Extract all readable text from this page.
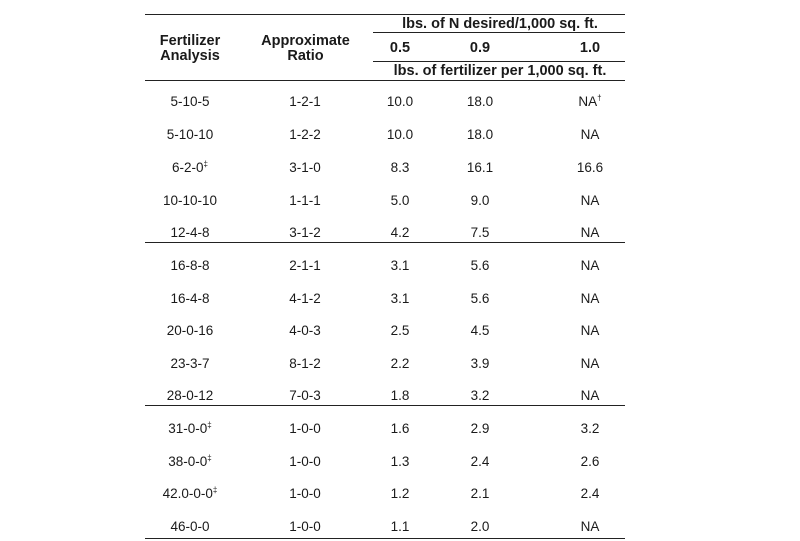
Fertilizer
Analysis
Approximate
Ratio
lbs. of N desired/1,000 sq. ft.
0.5	0.9	1.0
lbs. of fertilizer per 1,000 sq. ft.
5-10-5	1-2-1	10.0	18.0	NA†
5-10-10	1-2-2	10.0	18.0	NA
6-2-0‡	3-1-0	8.3	16.1	16.6
10-10-10	1-1-1	5.0	9.0	NA
12-4-8	3-1-2	4.2	7.5	NA
16-8-8	2-1-1	3.1	5.6	NA
16-4-8	4-1-2	3.1	5.6	NA
20-0-16	4-0-3	2.5	4.5	NA
23-3-7	8-1-2	2.2	3.9	NA
28-0-12	7-0-3	1.8	3.2	NA
31-0-0‡	1-0-0	1.6	2.9	3.2
38-0-0‡	1-0-0	1.3	2.4	2.6
42.0-0-0‡	1-0-0	1.2	2.1	2.4
46-0-0	1-0-0	1.1	2.0	NA
